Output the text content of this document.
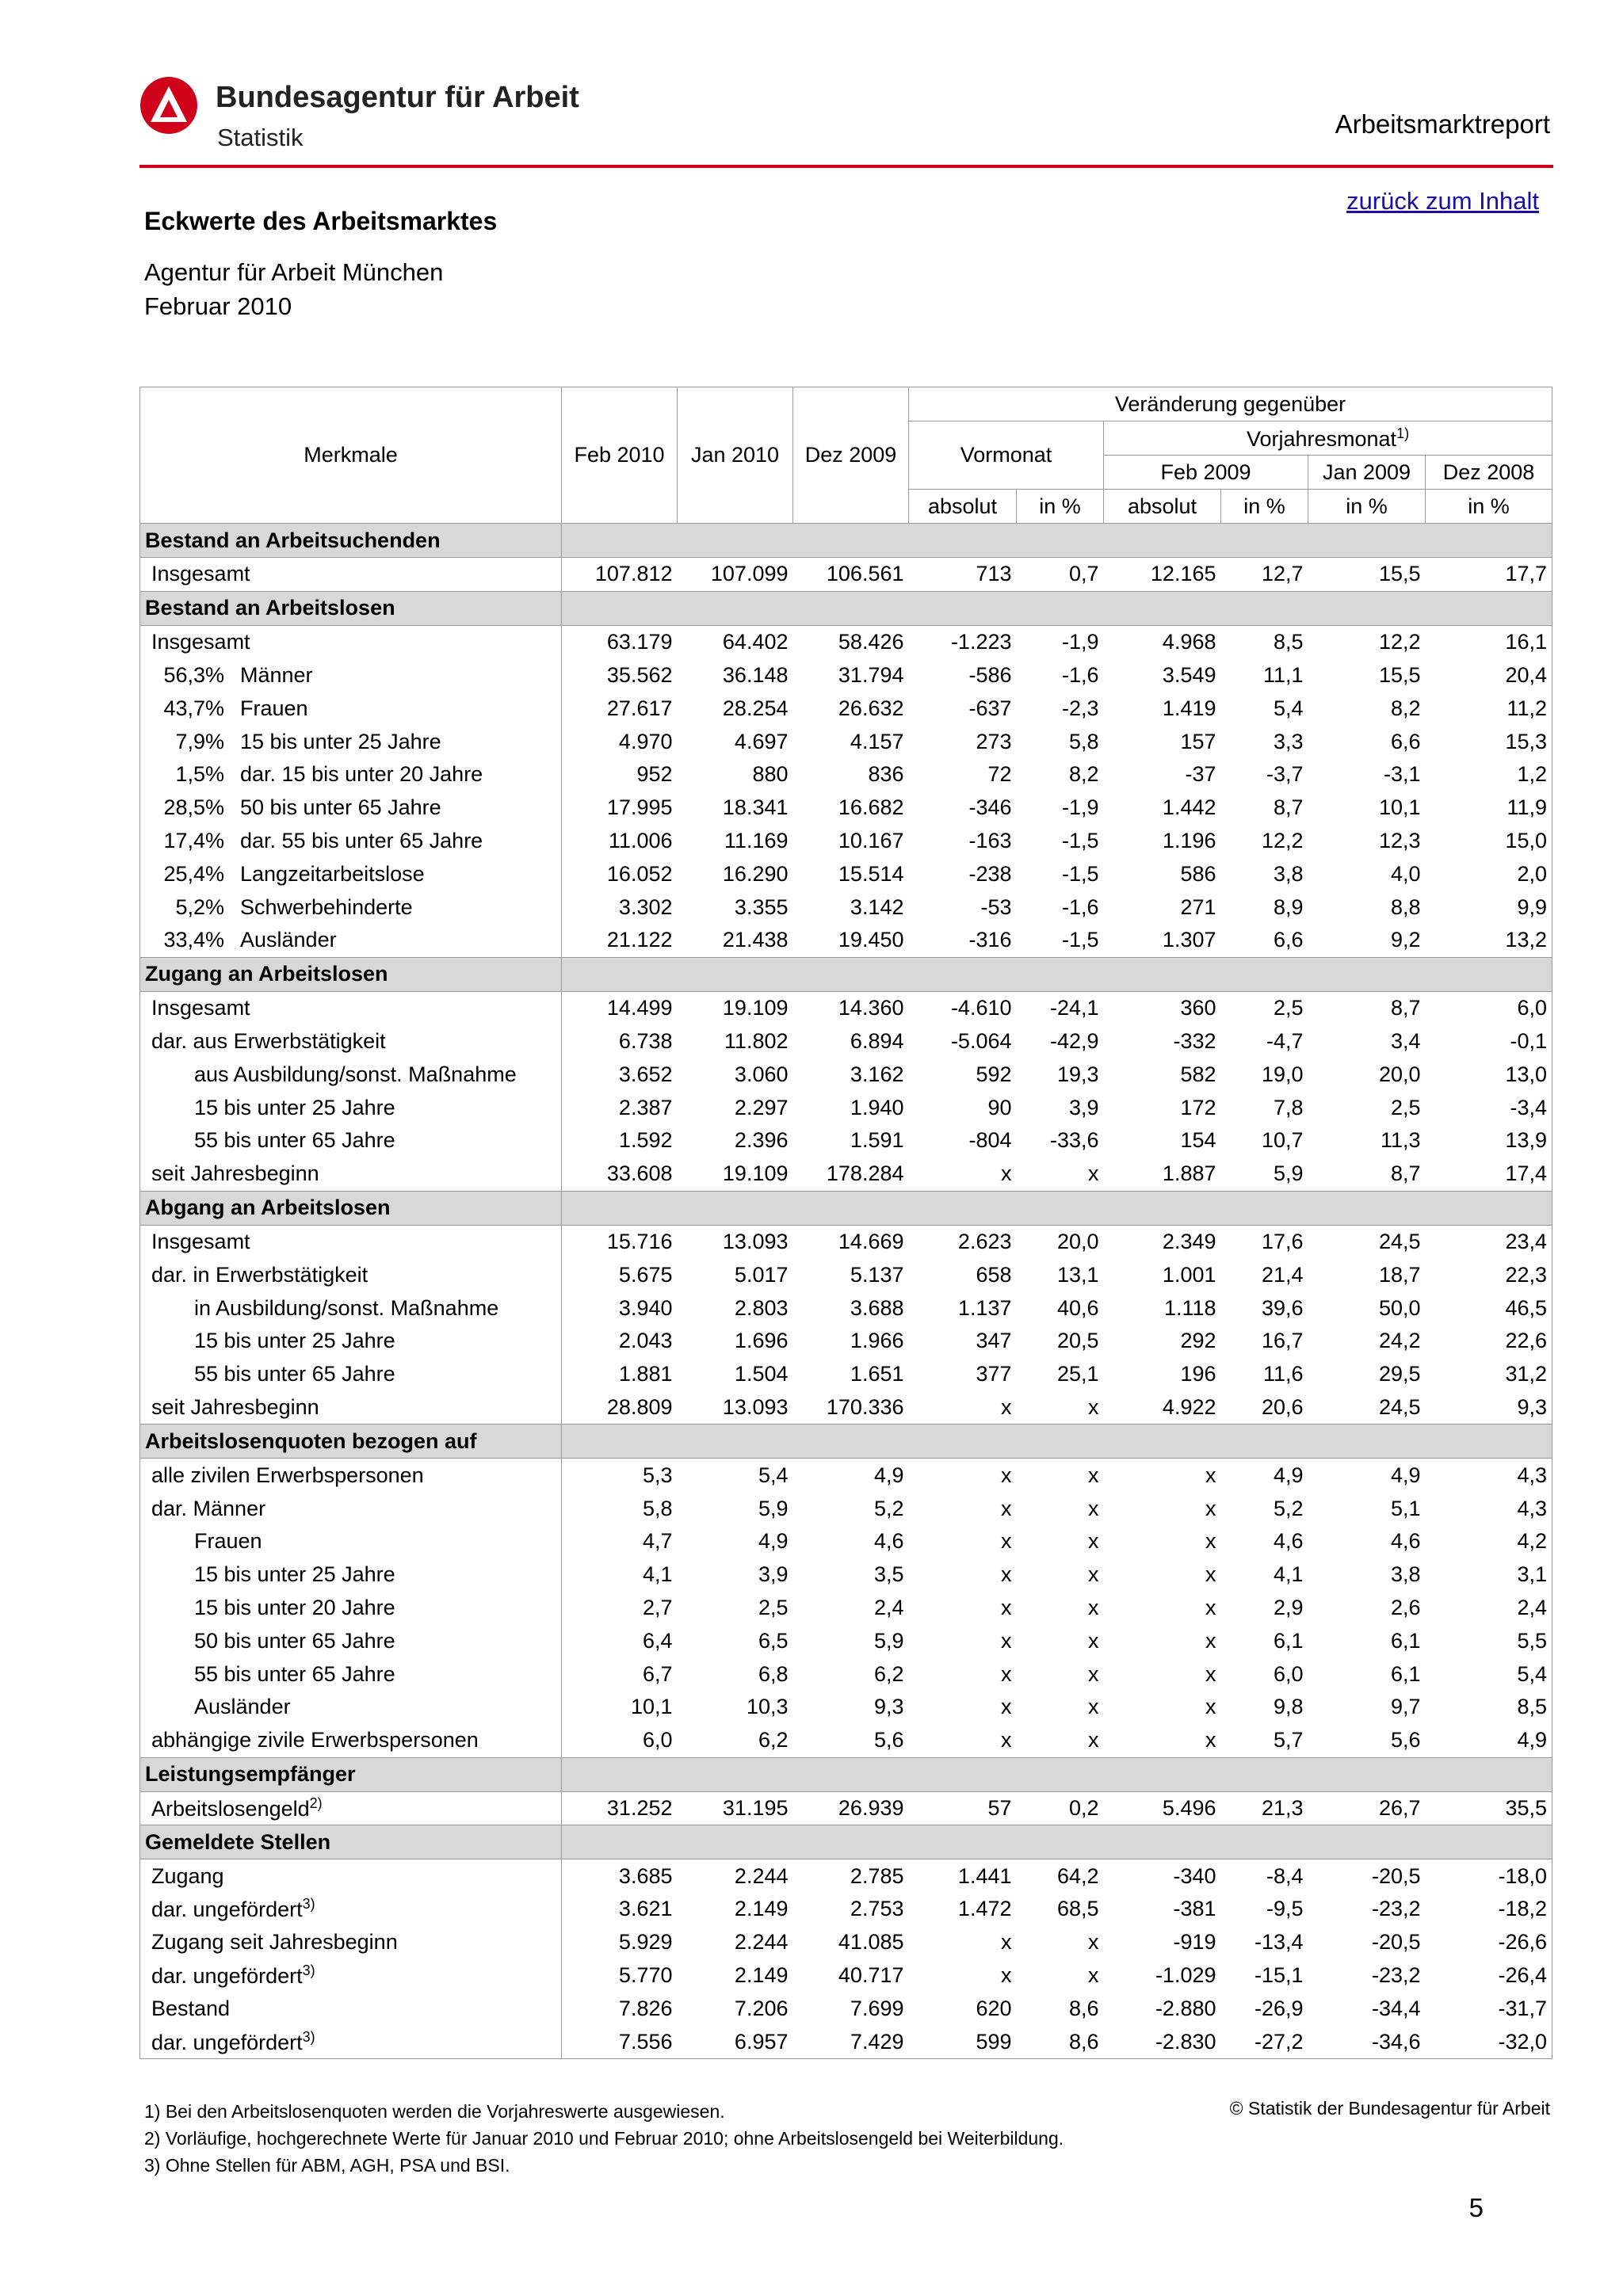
Bundesagentur für Arbeit
Statistik	Arbeitsmarktreport
zurück zum Inhalt
Eckwerte des Arbeitsmarktes
Agentur für Arbeit München
Februar 2010
Merkmale	Feb 2010	Jan 2010	Dez 2009	Veränderung gegenüber					
				Vormonat		Vorjahresmonat$^{1)}$
						Feb 2009		Jan 2009	Dez 2008
				absolut	in %	absolut	in %	in %	in %
Bestand an Arbeitsuchenden									
Insgesamt	107.812	107.099	106.561	713	0,7	12.165	12,7	15,5	17,7
Bestand an Arbeitslosen									
Insgesamt	63.179	64.402	58.426	-1.223	-1,9	4.968	8,5	12,2	16,1
56,3% Männer	35.562	36.148	31.794	-586	-1,6	3.549	11,1	15,5	20,4
43,7% Frauen	27.617	28.254	26.632	-637	-2,3	1.419	5,4	8,2	11,2
7,9% 15 bis unter 25 Jahre	4.970	4.697	4.157	273	5,8	157	3,3	6,6	15,3
1,5% dar. 15 bis unter 20 Jahre	952	880	836	72	8,2	-37	-3,7	-3,1	1,2
28,5% 50 bis unter 65 Jahre	17.995	18.341	16.682	-346	-1,9	1.442	8,7	10,1	11,9
17,4% dar. 55 bis unter 65 Jahre	11.006	11.169	10.167	-163	-1,5	1.196	12,2	12,3	15,0
25,4% Langzeitarbeitslose	16.052	16.290	15.514	-238	-1,5	586	3,8	4,0	2,0
5,2% Schwerbehinderte	3.302	3.355	3.142	-53	-1,6	271	8,9	8,8	9,9
33,4% Ausländer	21.122	21.438	19.450	-316	-1,5	1.307	6,6	9,2	13,2
Zugang an Arbeitslosen									
Insgesamt	14.499	19.109	14.360	-4.610	-24,1	360	2,5	8,7	6,0
dar. aus Erwerbstätigkeit	6.738	11.802	6.894	-5.064	-42,9	-332	-4,7	3,4	-0,1
aus Ausbildung/sonst. Maßnahme	3.652	3.060	3.162	592	19,3	582	19,0	20,0	13,0
15 bis unter 25 Jahre	2.387	2.297	1.940	90	3,9	172	7,8	2,5	-3,4
55 bis unter 65 Jahre	1.592	2.396	1.591	-804	-33,6	154	10,7	11,3	13,9
seit Jahresbeginn	33.608	19.109	178.284	x	x	1.887	5,9	8,7	17,4
Abgang an Arbeitslosen									
Insgesamt	15.716	13.093	14.669	2.623	20,0	2.349	17,6	24,5	23,4
dar. in Erwerbstätigkeit	5.675	5.017	5.137	658	13,1	1.001	21,4	18,7	22,3
in Ausbildung/sonst. Maßnahme	3.940	2.803	3.688	1.137	40,6	1.118	39,6	50,0	46,5
15 bis unter 25 Jahre	2.043	1.696	1.966	347	20,5	292	16,7	24,2	22,6
55 bis unter 65 Jahre	1.881	1.504	1.651	377	25,1	196	11,6	29,5	31,2
seit Jahresbeginn	28.809	13.093	170.336	x	x	4.922	20,6	24,5	9,3
Arbeitslosenquoten bezogen auf									
alle zivilen Erwerbspersonen	5,3	5,4	4,9	x	x	x	4,9	4,9	4,3
dar. Männer	5,8	5,9	5,2	x	x	x	5,2	5,1	4,3
Frauen	4,7	4,9	4,6	x	x	x	4,6	4,6	4,2
15 bis unter 25 Jahre	4,1	3,9	3,5	x	x	x	4,1	3,8	3,1
15 bis unter 20 Jahre	2,7	2,5	2,4	x	x	x	2,9	2,6	2,4
50 bis unter 65 Jahre	6,4	6,5	5,9	x	x	x	6,1	6,1	5,5
55 bis unter 65 Jahre	6,7	6,8	6,2	x	x	x	6,0	6,1	5,4
Ausländer	10,1	10,3	9,3	x	x	x	9,8	9,7	8,5
abhängige zivile Erwerbspersonen	6,0	6,2	5,6	x	x	x	5,7	5,6	4,9
Leistungsempfänger									
Arbeitslosengeld$^{2)}$	31.252	31.195	26.939	57	0,2	5.496	21,3	26,7	35,5
Gemeldete Stellen									
Zugang	3.685	2.244	2.785	1.441	64,2	-340	-8,4	-20,5	-18,0
dar. ungefördert$^{3)}$	3.621	2.149	2.753	1.472	68,5	-381	-9,5	-23,2	-18,2
Zugang seit Jahresbeginn	5.929	2.244	41.085	x	x	-919	-13,4	-20,5	-26,6
dar. ungefördert$^{3)}$	5.770	2.149	40.717	x	x	-1.029	-15,1	-23,2	-26,4
Bestand	7.826	7.206	7.699	620	8,6	-2.880	-26,9	-34,4	-31,7
dar. ungefördert$^{3)}$	7.556	6.957	7.429	599	8,6	-2.830	-27,2	-34,6	-32,0
1) Bei den Arbeitslosenquoten werden die Vorjahreswerte ausgewiesen.
2) Vorläufige, hochgerechnete Werte für Januar 2010 und Februar 2010; ohne Arbeitslosengeld bei Weiterbildung.
3) Ohne Stellen für ABM, AGH, PSA und BSI.
© Statistik der Bundesagentur für Arbeit
5
